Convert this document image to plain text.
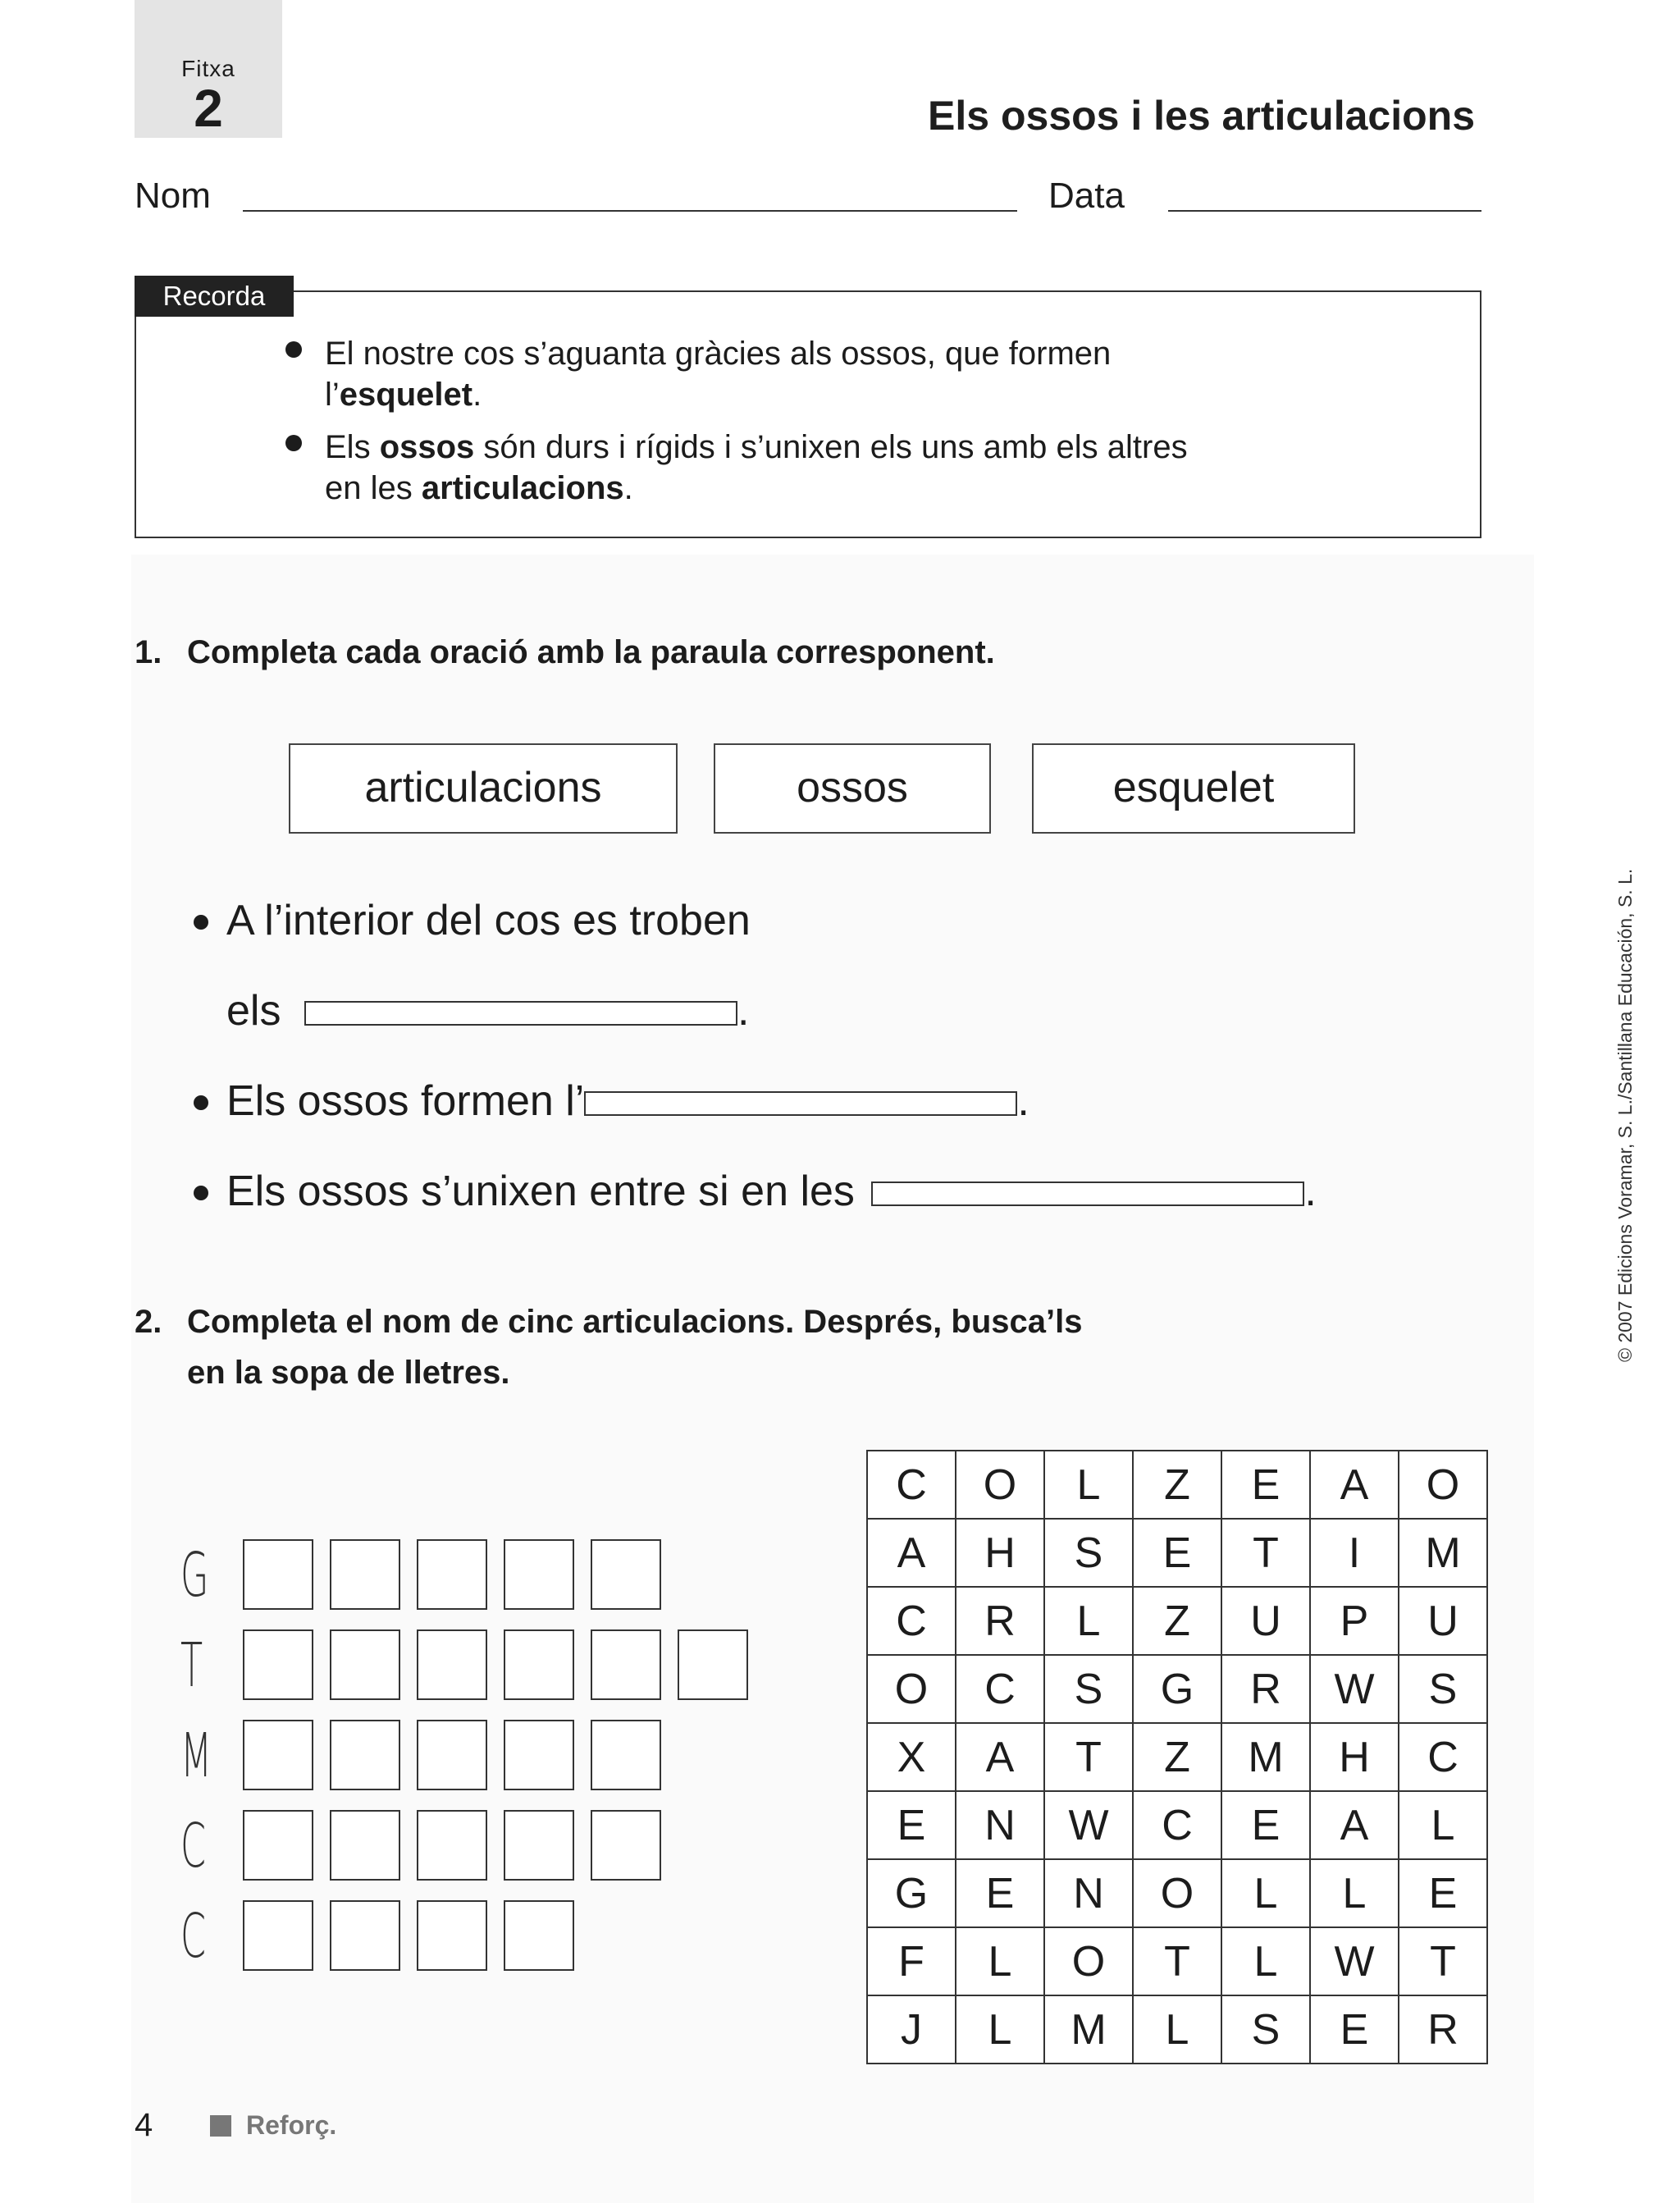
Fitxa
2	Els ossos i les articulacions
Nom	Data
Recorda
El nostre cos s’aguanta gràcies als ossos, que formen
l’esquelet.
Els ossos són durs i rígids i s’unixen els uns amb els altres
en les articulacions.
1. Completa cada oració amb la paraula corresponent.
articulacions	ossos	esquelet
A l’interior del cos es troben
els	.
Els ossos formen l’	.
Els ossos s’unixen entre si en les	.
2. Completa el nom de cinc articulacions. Després, busca’ls
en la sopa de lletres.
G
T
M
C
C
C	O	L	Z	E	A	O
A	H	S	E	T	I	M
C	R	L	Z	U	P	U
O	C	S	G	R	W	S
X	A	T	Z	M	H	C
E	N	W	C	E	A	L
G	E	N	O	L	L	E
F	L	O	T	L	W	T
J	L	M	L	S	E	R
© 2007 Edicions Voramar, S. L./Santillana Educación, S. L.
4	Reforç.
